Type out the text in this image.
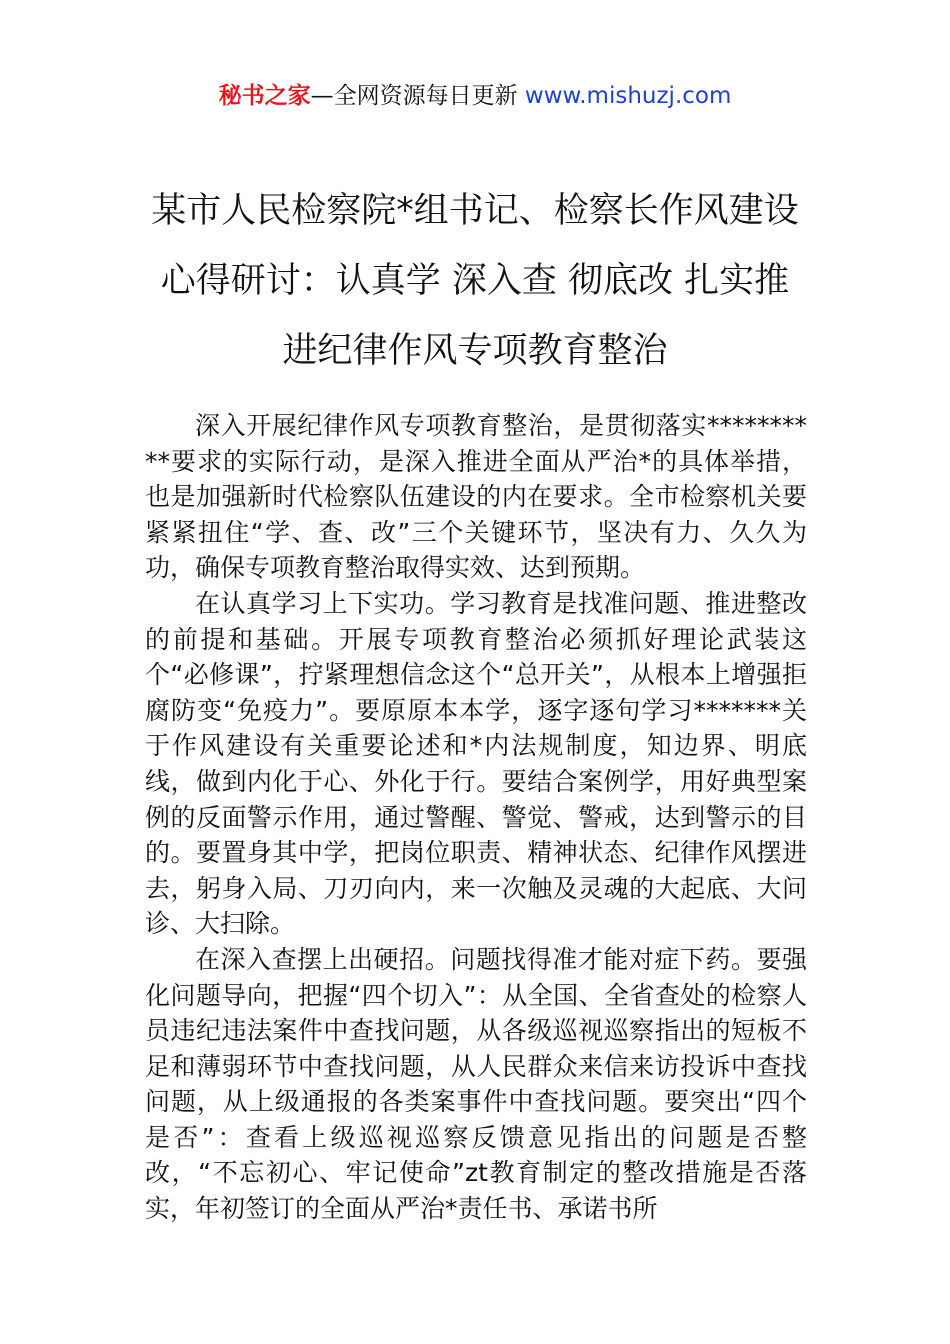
秘书之家—全网资源每日更新 www.mishuzj.com
某市人民检察院*组书记、检察长作风建设
心得研讨：认真学 深入查 彻底改 扎实推
进纪律作风专项教育整治

深入开展纪律作风专项教育整治，是贯彻落实**********要求的实际行动，是深入推进全面从严治*的具体举措，也是加强新时代检察队伍建设的内在要求。全市检察机关要紧紧扭住“学、查、改”三个关键环节，坚决有力、久久为功，确保专项教育整治取得实效、达到预期。

在认真学习上下实功。学习教育是找准问题、推进整改的前提和基础。开展专项教育整治必须抓好理论武装这个“必修课”，拧紧理想信念这个“总开关”，从根本上增强拒腐防变“免疫力”。要原原本本学，逐字逐句学习*******关于作风建设有关重要论述和*内法规制度，知边界、明底线，做到内化于心、外化于行。要结合案例学，用好典型案例的反面警示作用，通过警醒、警觉、警戒，达到警示的目的。要置身其中学，把岗位职责、精神状态、纪律作风摆进去，躬身入局、刀刃向内，来一次触及灵魂的大起底、大问诊、大扫除。

在深入查摆上出硬招。问题找得准才能对症下药。要强化问题导向，把握“四个切入”：从全国、全省查处的检察人员违纪违法案件中查找问题，从各级巡视巡察指出的短板不足和薄弱环节中查找问题，从人民群众来信来访投诉中查找问题，从上级通报的各类案事件中查找问题。要突出“四个是否”：查看上级巡视巡察反馈意见指出的问题是否整改，“不忘初心、牢记使命”zt教育制定的整改措施是否落实，年初签订的全面从严治*责任书、承诺书所
